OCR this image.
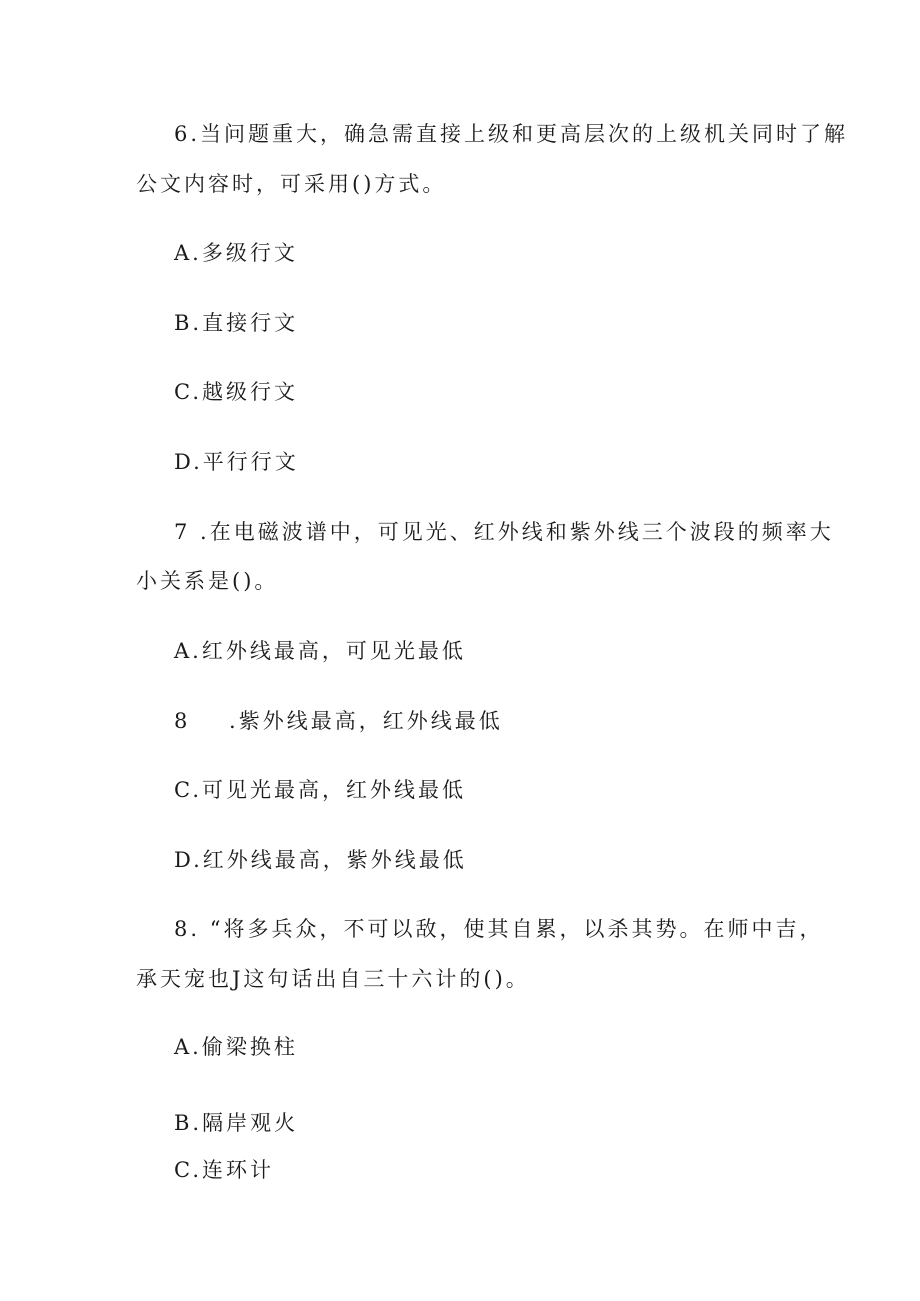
6.当问题重大，确急需直接上级和更高层次的上级机关同时了解
公文内容时，可采用()方式。
A.多级行文
B.直接行文
C.越级行文
D.平行行文
7 .在电磁波谱中，可见光、红外线和紫外线三个波段的频率大
小关系是()。
A.红外线最高，可见光最低
8    .紫外线最高，红外线最低
C.可见光最高，红外线最低
D.红外线最高，紫外线最低
8. “将多兵众，不可以敌，使其自累，以杀其势。在师中吉，
承天宠也J这句话出自三十六计的()。
A.偷梁换柱
B.隔岸观火
C.连环计
